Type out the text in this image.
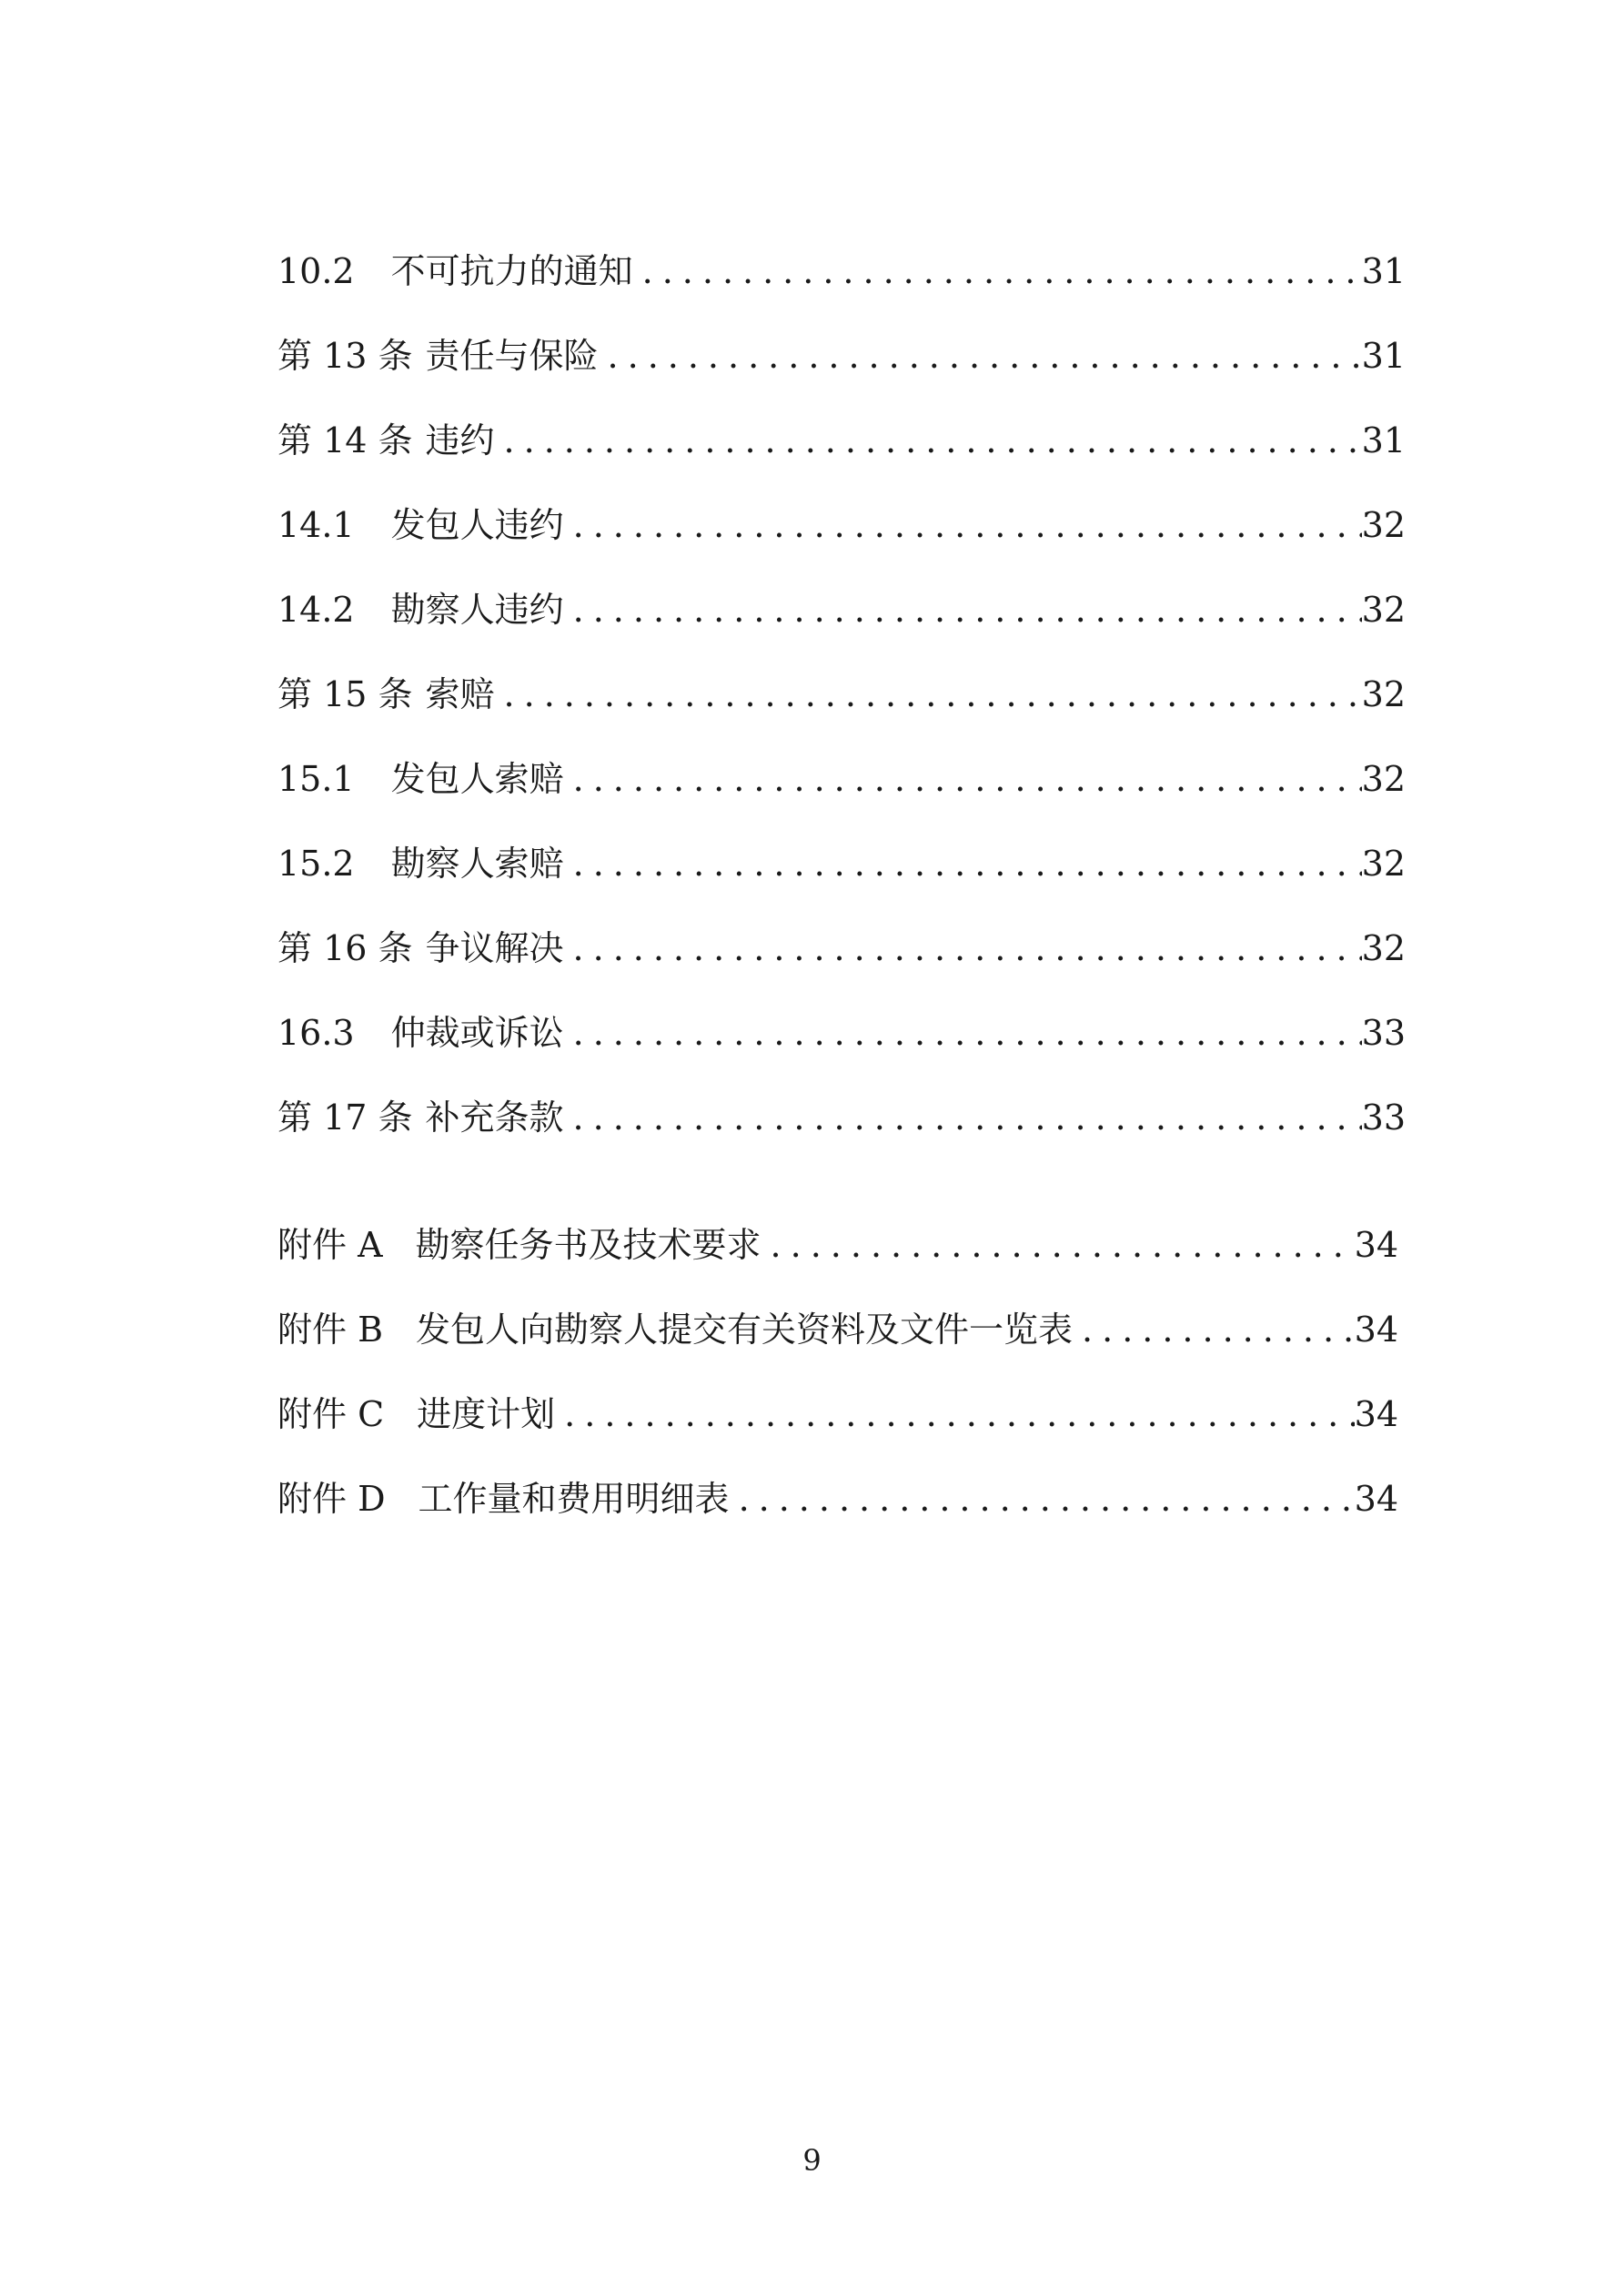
10.2	不可抗力的通知 .....	31
第 13 条 责任与保险 .....	31
第 14 条 违约 .....	31
14.1	发包人违约 .....	32
14.2	勘察人违约 .....	32
第 15 条 索赔 .....	32
15.1	发包人索赔 .....	32
15.2	勘察人索赔 .....	32
第 16 条 争议解决 .....	32
16.3	仲裁或诉讼 .....	33
第 17 条 补充条款 .....	33
附件 A 勘察任务书及技术要求 .....	34
附件 B 发包人向勘察人提交有关资料及文件一览表 .....	34
附件 C 进度计划 .....	34
附件 D 工作量和费用明细表 .....	34
9
